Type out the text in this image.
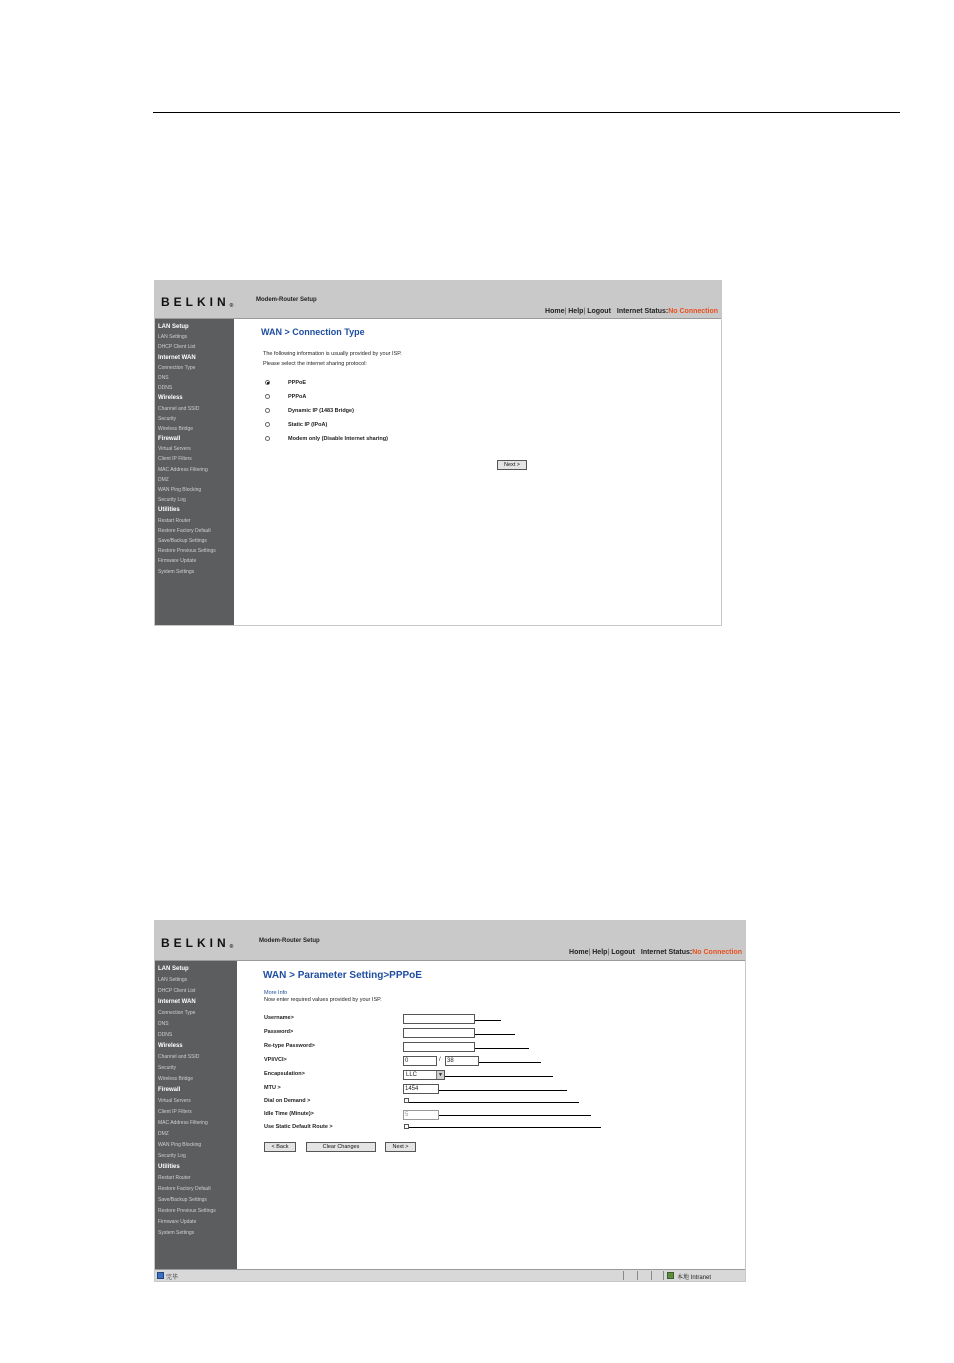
BELKIN®
Modem-Router Setup
Home| Help| Logout Internet Status:No Connection
LAN Setup
LAN Settings
DHCP Client List
Internet WAN
Connection Type
DNS
DDNS
Wireless
Channel and SSID
Security
Wireless Bridge
Firewall
Virtual Servers
Client IP Filters
MAC Address Filtering
DMZ
WAN Ping Blocking
Security Log
Utilities
Restart Router
Restore Factory Default
Save/Backup Settings
Restore Previous Settings
Firmware Update
System Settings
WAN > Connection Type
The following information is usually provided by your ISP.
Please select the internet sharing protocol:
PPPoE
PPPoA
Dynamic IP (1483 Bridge)
Static IP (IPoA)
Modem only (Disable Internet sharing)
Next >
BELKIN®
Modem-Router Setup
Home| Help| Logout Internet Status:No Connection
LAN Setup
LAN Settings
DHCP Client List
Internet WAN
Connection Type
DNS
DDNS
Wireless
Channel and SSID
Security
Wireless Bridge
Firewall
Virtual Servers
Client IP Filters
MAC Address Filtering
DMZ
WAN Ping Blocking
Security Log
Utilities
Restart Router
Restore Factory Default
Save/Backup Settings
Restore Previous Settings
Firmware Update
System Settings
WAN > Parameter Setting>PPPoE
More Info
Now enter required values provided by your ISP.
Username>
Password>
Re-type Password>
VPI/VCI>	0	/	38
Encapsulation>	LLC	▼
MTU >	1454
Dial on Demand >
Idle Time (Minute)>	5
Use Static Default Route >
< Back	Clear Changes	Next >
完毕	本地 Intranet
